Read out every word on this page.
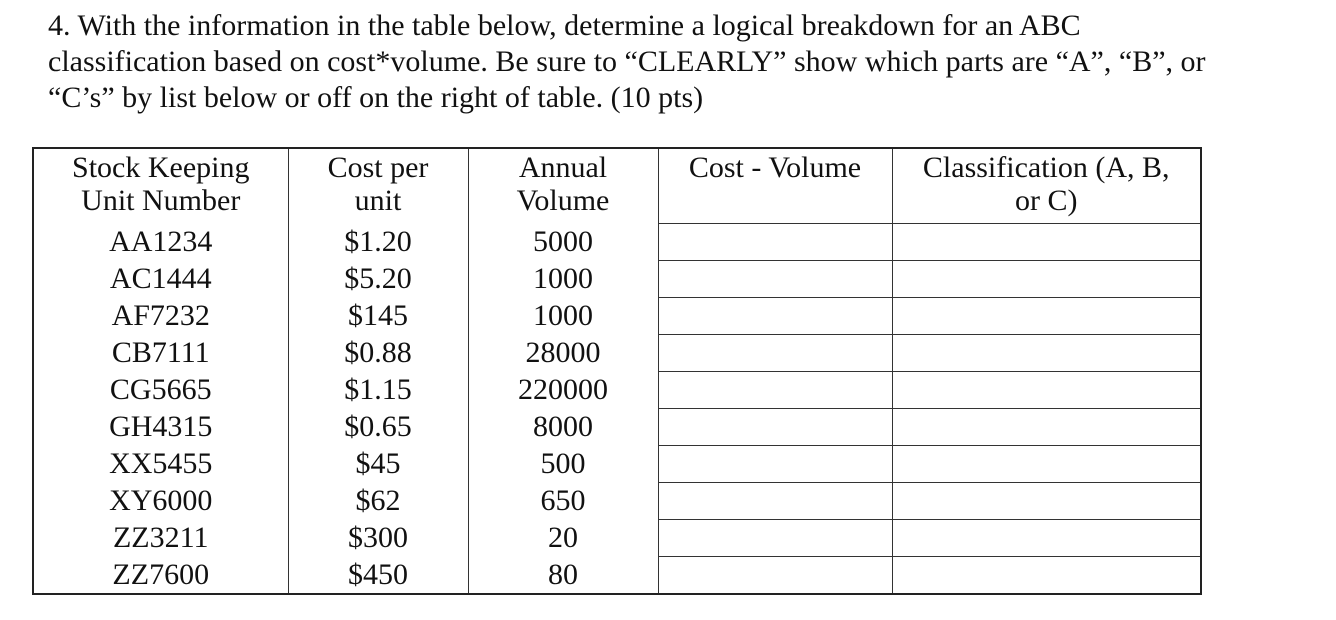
4. With the information in the table below, determine a logical breakdown for an ABC
classification based on cost*volume. Be sure to “CLEARLY” show which parts are “A”, “B”, or
“C’s” by list below or off on the right of table. (10 pts)
Stock Keeping
Unit Number	Cost per
unit	Annual
Volume	Cost - Volume	Classification (A, B,
or C)
AA1234	$1.20	5000		
AC1444	$5.20	1000		
AF7232	$145	1000		
CB7111	$0.88	28000		
CG5665	$1.15	220000		
GH4315	$0.65	8000		
XX5455	$45	500		
XY6000	$62	650		
ZZ3211	$300	20		
ZZ7600	$450	80		
